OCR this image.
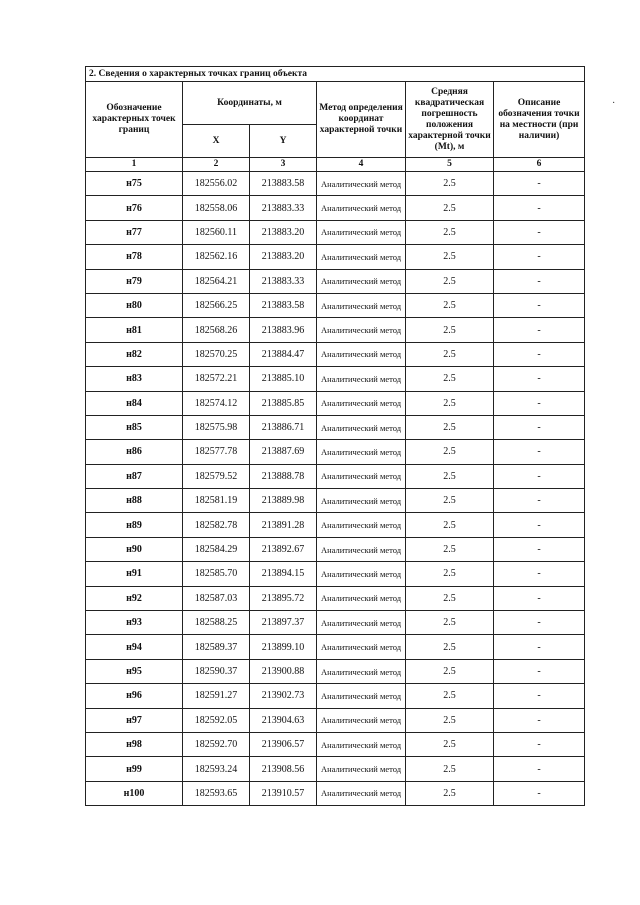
2. Сведения о характерных точках границ объекта					
Обозначение характерных точек границ	Координаты, м		Метод определения координат характерной точки	Средняя квадратическая погрешность положения характерной точки (Mt), м	Описание обозначения точки на местности (при наличии)
	X	Y			
1	2	3	4	5	6
н75	182556.02	213883.58	Аналитический метод	2.5	-
н76	182558.06	213883.33	Аналитический метод	2.5	-
н77	182560.11	213883.20	Аналитический метод	2.5	-
н78	182562.16	213883.20	Аналитический метод	2.5	-
н79	182564.21	213883.33	Аналитический метод	2.5	-
н80	182566.25	213883.58	Аналитический метод	2.5	-
н81	182568.26	213883.96	Аналитический метод	2.5	-
н82	182570.25	213884.47	Аналитический метод	2.5	-
н83	182572.21	213885.10	Аналитический метод	2.5	-
н84	182574.12	213885.85	Аналитический метод	2.5	-
н85	182575.98	213886.71	Аналитический метод	2.5	-
н86	182577.78	213887.69	Аналитический метод	2.5	-
н87	182579.52	213888.78	Аналитический метод	2.5	-
н88	182581.19	213889.98	Аналитический метод	2.5	-
н89	182582.78	213891.28	Аналитический метод	2.5	-
н90	182584.29	213892.67	Аналитический метод	2.5	-
н91	182585.70	213894.15	Аналитический метод	2.5	-
н92	182587.03	213895.72	Аналитический метод	2.5	-
н93	182588.25	213897.37	Аналитический метод	2.5	-
н94	182589.37	213899.10	Аналитический метод	2.5	-
н95	182590.37	213900.88	Аналитический метод	2.5	-
н96	182591.27	213902.73	Аналитический метод	2.5	-
н97	182592.05	213904.63	Аналитический метод	2.5	-
н98	182592.70	213906.57	Аналитический метод	2.5	-
н99	182593.24	213908.56	Аналитический метод	2.5	-
н100	182593.65	213910.57	Аналитический метод	2.5	-
·
